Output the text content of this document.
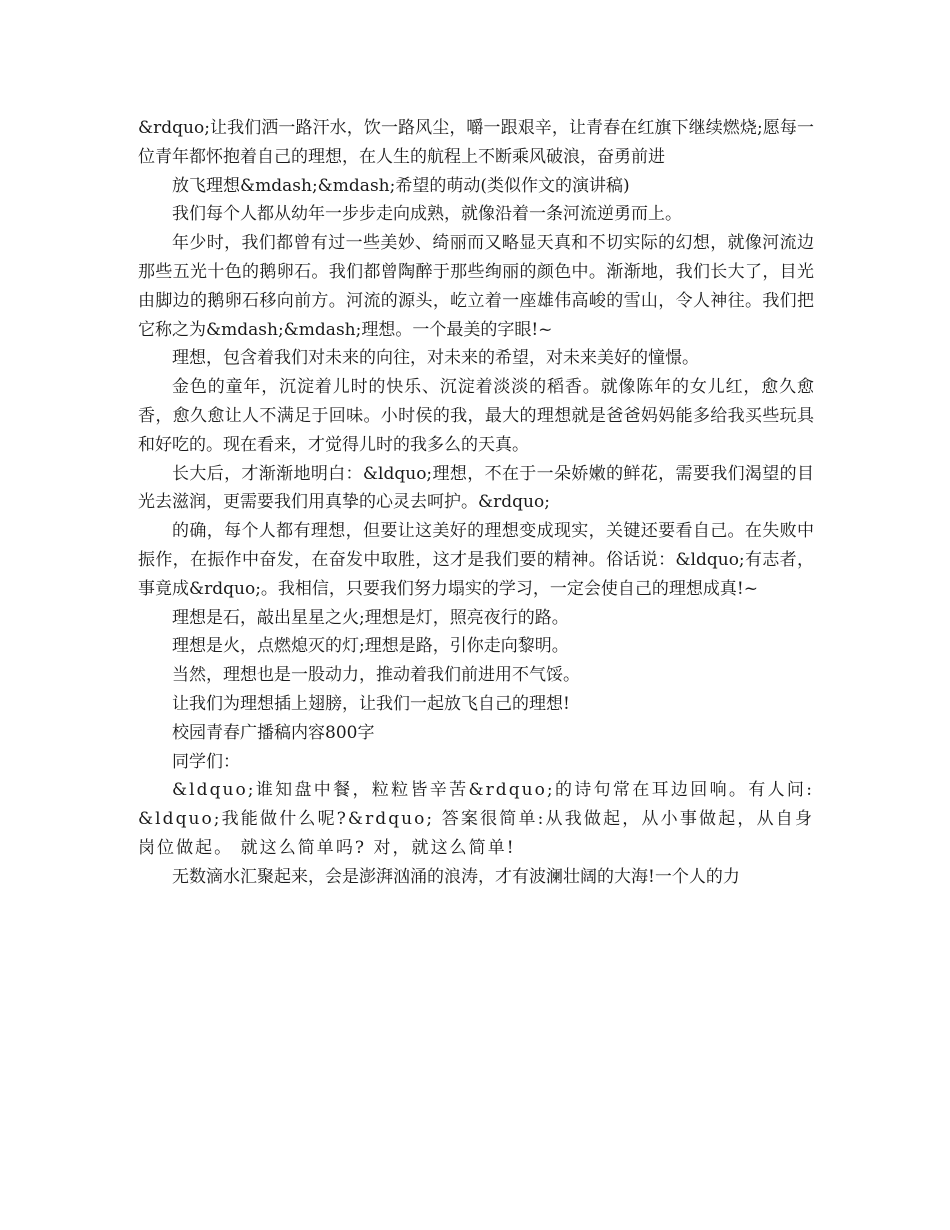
&rdquo;让我们洒一路汗水，饮一路风尘，嚼一跟艰辛，让青春在红旗下继续燃烧;愿每一位青年都怀抱着自己的理想，在人生的航程上不断乘风破浪，奋勇前进

放飞理想&mdash;&mdash;希望的萌动(类似作文的演讲稿)

我们每个人都从幼年一步步走向成熟，就像沿着一条河流逆勇而上。

年少时，我们都曾有过一些美妙、绮丽而又略显天真和不切实际的幻想，就像河流边那些五光十色的鹅卵石。我们都曾陶醉于那些绚丽的颜色中。渐渐地，我们长大了，目光由脚边的鹅卵石移向前方。河流的源头，屹立着一座雄伟高峻的雪山，令人神往。我们把它称之为&mdash;&mdash;理想。一个最美的字眼!~

理想，包含着我们对未来的向往，对未来的希望，对未来美好的憧憬。

金色的童年，沉淀着儿时的快乐、沉淀着淡淡的稻香。就像陈年的女儿红，愈久愈香，愈久愈让人不满足于回味。小时侯的我，最大的理想就是爸爸妈妈能多给我买些玩具和好吃的。现在看来，才觉得儿时的我多么的天真。

长大后，才渐渐地明白：&ldquo;理想，不在于一朵娇嫩的鲜花，需要我们渴望的目光去滋润，更需要我们用真挚的心灵去呵护。&rdquo;

的确，每个人都有理想，但要让这美好的理想变成现实，关键还要看自己。在失败中振作，在振作中奋发，在奋发中取胜，这才是我们要的精神。俗话说：&ldquo;有志者，事竟成&rdquo;。我相信，只要我们努力塌实的学习，一定会使自己的理想成真!~

理想是石，敲出星星之火;理想是灯，照亮夜行的路。

理想是火，点燃熄灭的灯;理想是路，引你走向黎明。

当然，理想也是一股动力，推动着我们前进用不气馁。

让我们为理想插上翅膀，让我们一起放飞自己的理想!

校园青春广播稿内容800字

同学们：

&ldquo;谁知盘中餐，粒粒皆辛苦&rdquo;的诗句常在耳边回响。有人问:&ldquo;我能做什么呢?&rdquo; 答案很简单:从我做起，从小事做起，从自身岗位做起。 就这么简单吗? 对，就这么简单!

无数滴水汇聚起来，会是澎湃汹涌的浪涛，才有波澜壮阔的大海!一个人的力
